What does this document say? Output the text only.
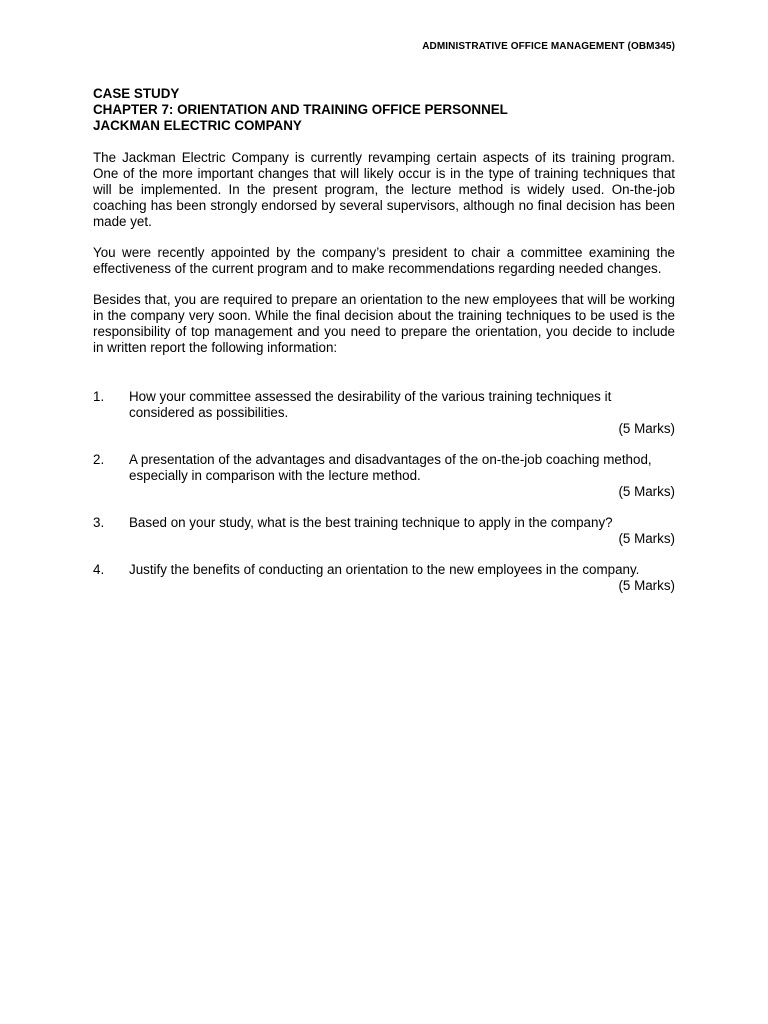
ADMINISTRATIVE OFFICE MANAGEMENT (OBM345)
CASE STUDY
CHAPTER 7: ORIENTATION AND TRAINING OFFICE PERSONNEL
JACKMAN ELECTRIC COMPANY

The Jackman Electric Company is currently revamping certain aspects of its training program. One of the more important changes that will likely occur is in the type of training techniques that will be implemented. In the present program, the lecture method is widely used. On-the-job coaching has been strongly endorsed by several supervisors, although no final decision has been made yet.

You were recently appointed by the company’s president to chair a committee examining the effectiveness of the current program and to make recommendations regarding needed changes.

Besides that, you are required to prepare an orientation to the new employees that will be working in the company very soon. While the final decision about the training techniques to be used is the responsibility of top management and you need to prepare the orientation, you decide to include in written report the following information:

1.	How your committee assessed the desirability of the various training techniques it considered as possibilities.
(5 Marks)
2.	A presentation of the advantages and disadvantages of the on-the-job coaching method, especially in comparison with the lecture method.
(5 Marks)
3.	Based on your study, what is the best training technique to apply in the company?
(5 Marks)
4.	Justify the benefits of conducting an orientation to the new employees in the company.
(5 Marks)
